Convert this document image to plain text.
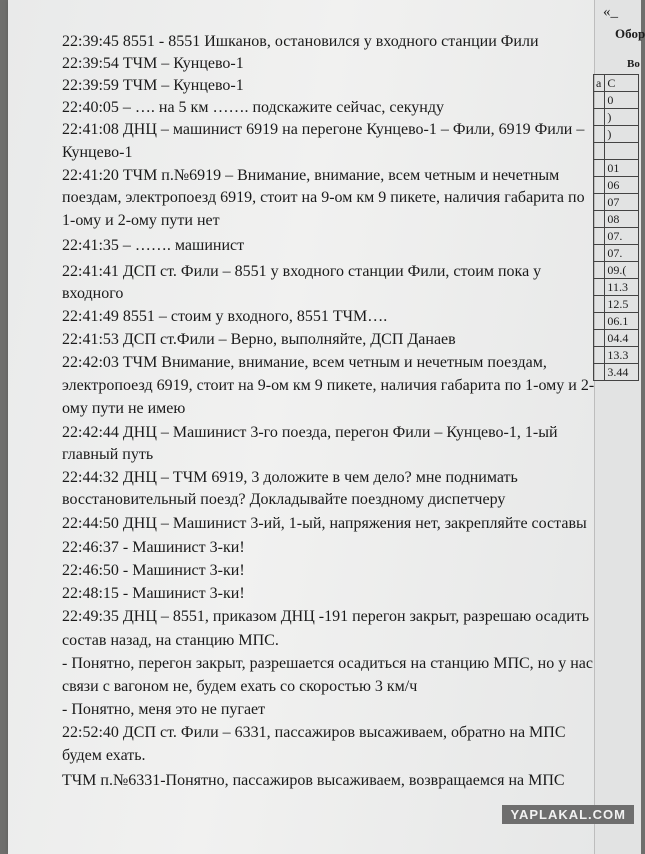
«_
Обор
Во
а	С
	0
	)
	)

	01
	06
	07
	08
	07.
	07.
	09.(
	11.3
	12.5
	06.1
	04.4
	13.3
	3.44
22:39:45 8551 - 8551 Ишканов, остановился у входного станции Фили
22:39:54 ТЧМ – Кунцево-1
22:39:59 ТЧМ – Кунцево-1
22:40:05 – …. на 5 км ……. подскажите сейчас, секунду
22:41:08 ДНЦ – машинист 6919 на перегоне Кунцево-1 – Фили, 6919 Фили –
Кунцево-1
22:41:20 ТЧМ п.№6919 – Внимание, внимание, всем четным и нечетным
поездам, электропоезд 6919, стоит на 9-ом км 9 пикете, наличия габарита по
1-ому и 2-ому пути нет
22:41:35 – ……. машинист
22:41:41 ДСП ст. Фили – 8551 у входного станции Фили, стоим пока у
входного
22:41:49 8551 – стоим у входного, 8551 ТЧМ….
22:41:53 ДСП ст.Фили – Верно, выполняйте, ДСП Данаев
22:42:03 ТЧМ Внимание, внимание, всем четным и нечетным поездам,
электропоезд 6919, стоит на 9-ом км 9 пикете, наличия габарита по 1-ому и 2-
ому пути не имею
22:42:44 ДНЦ – Машинист 3-го поезда, перегон Фили – Кунцево-1, 1-ый
главный путь
22:44:32 ДНЦ – ТЧМ 6919, 3 доложите в чем дело? мне поднимать
восстановительный поезд? Докладывайте поездному диспетчеру
22:44:50 ДНЦ – Машинист 3-ий, 1-ый, напряжения нет, закрепляйте составы
22:46:37 - Машинист 3-ки!
22:46:50 - Машинист 3-ки!
22:48:15 - Машинист 3-ки!
22:49:35 ДНЦ – 8551, приказом ДНЦ -191 перегон закрыт, разрешаю осадить
состав назад, на станцию МПС.
- Понятно, перегон закрыт, разрешается осадиться на станцию МПС, но у нас
связи с вагоном не, будем ехать со скоростью 3 км/ч
- Понятно, меня это не пугает
22:52:40 ДСП ст. Фили – 6331, пассажиров высаживаем, обратно на МПС
будем ехать.
ТЧМ п.№6331-Понятно, пассажиров высаживаем, возвращаемся на МПС
YAPLAKAL.COM
